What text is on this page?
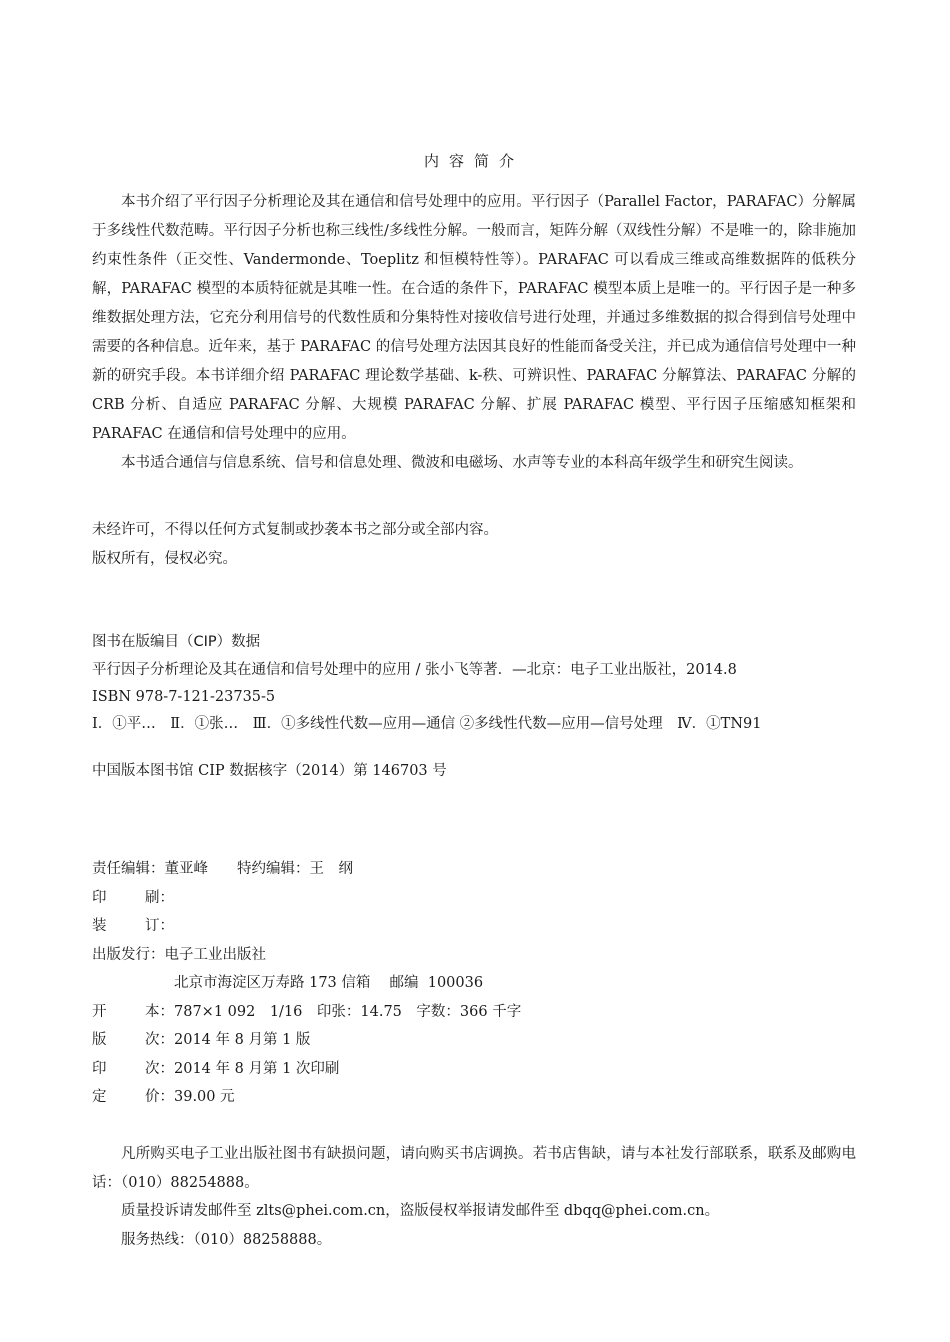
内容简介

本书介绍了平行因子分析理论及其在通信和信号处理中的应用。平行因子（Parallel Factor，PARAFAC）分解属于多线性代数范畴。平行因子分析也称三线性/多线性分解。一般而言，矩阵分解（双线性分解）不是唯一的，除非施加约束性条件（正交性、Vandermonde、Toeplitz 和恒模特性等）。PARAFAC 可以看成三维或高维数据阵的低秩分解，PARAFAC 模型的本质特征就是其唯一性。在合适的条件下，PARAFAC 模型本质上是唯一的。平行因子是一种多维数据处理方法，它充分利用信号的代数性质和分集特性对接收信号进行处理，并通过多维数据的拟合得到信号处理中需要的各种信息。近年来，基于 PARAFAC 的信号处理方法因其良好的性能而备受关注，并已成为通信信号处理中一种新的研究手段。本书详细介绍 PARAFAC 理论数学基础、k-秩、可辨识性、PARAFAC 分解算法、PARAFAC 分解的 CRB 分析、自适应 PARAFAC 分解、大规模 PARAFAC 分解、扩展 PARAFAC 模型、平行因子压缩感知框架和 PARAFAC 在通信和信号处理中的应用。

本书适合通信与信息系统、信号和信息处理、微波和电磁场、水声等专业的本科高年级学生和研究生阅读。

未经许可，不得以任何方式复制或抄袭本书之部分或全部内容。
版权所有，侵权必究。
图书在版编目（CIP）数据
平行因子分析理论及其在通信和信号处理中的应用 / 张小飞等著．—北京：电子工业出版社，2014.8
ISBN 978-7-121-23735-5
Ⅰ．①平…　Ⅱ．①张…　Ⅲ．①多线性代数—应用—通信 ②多线性代数—应用—信号处理　Ⅳ．①TN91
中国版本图书馆 CIP 数据核字（2014）第 146703 号
责任编辑：董亚峰　　特约编辑：王　纲
印	刷：
装	订：
出版发行： 电子工业出版社
北京市海淀区万寿路 173 信箱　 邮编  100036
开	本： 787×1 092　1/16　印张：14.75　字数：366 千字
版	次： 2014 年 8 月第 1 版
印	次： 2014 年 8 月第 1 次印刷
定	价： 39.00 元

凡所购买电子工业出版社图书有缺损问题，请向购买书店调换。若书店售缺，请与本社发行部联系，联系及邮购电话：（010）88254888。

质量投诉请发邮件至 zlts@phei.com.cn，盗版侵权举报请发邮件至 dbqq@phei.com.cn。

服务热线：（010）88258888。
